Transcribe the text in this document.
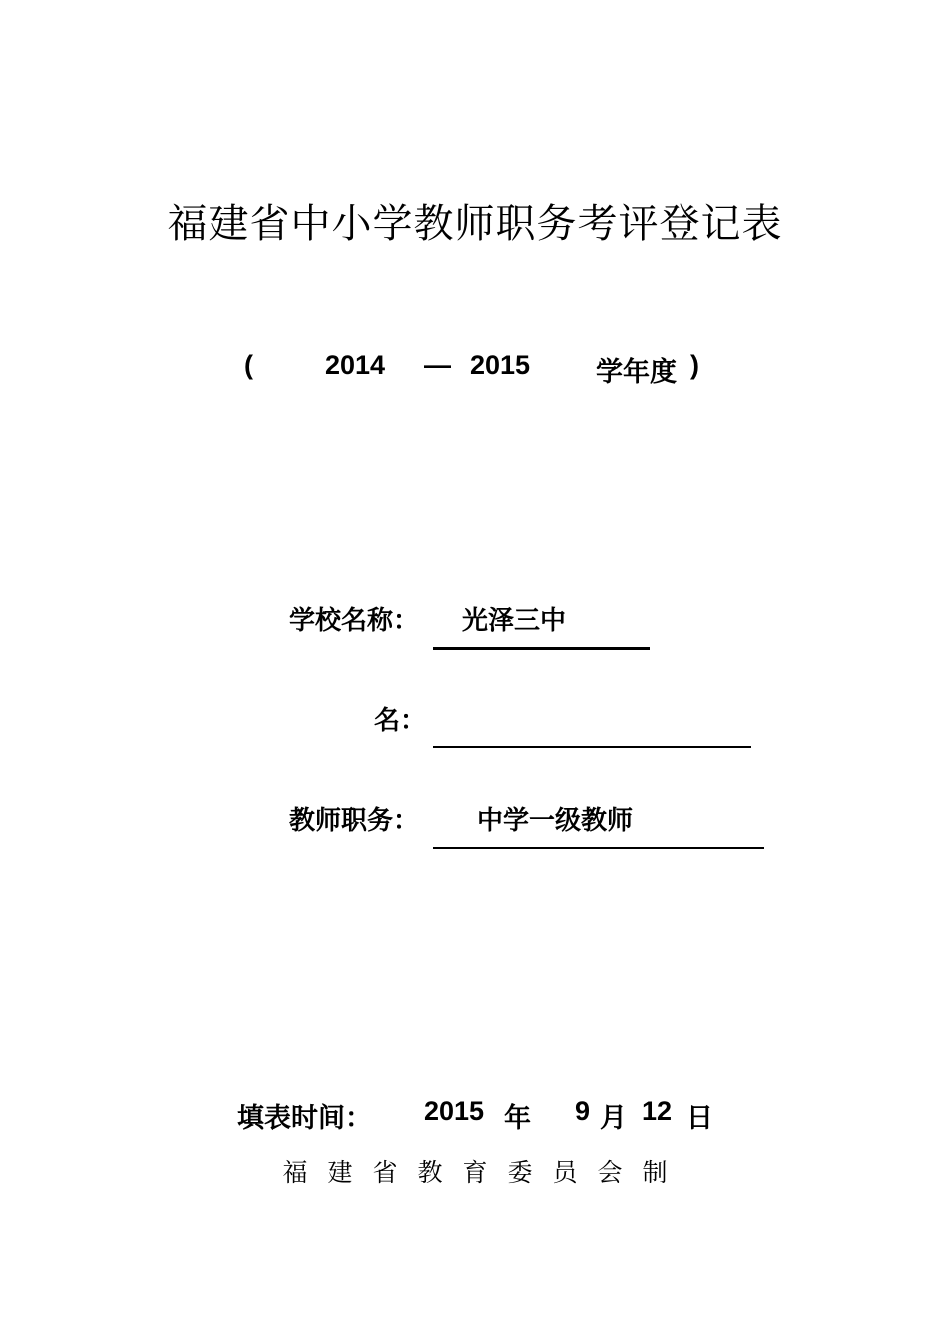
福建省中小学教师职务考评登记表
(	2014 — 2015 学年度 )
学校名称： 光泽三中
名：
教师职务： 中学一级教师
填表时间： 2015 年 9 月 12 日
福建省教育委员会制
